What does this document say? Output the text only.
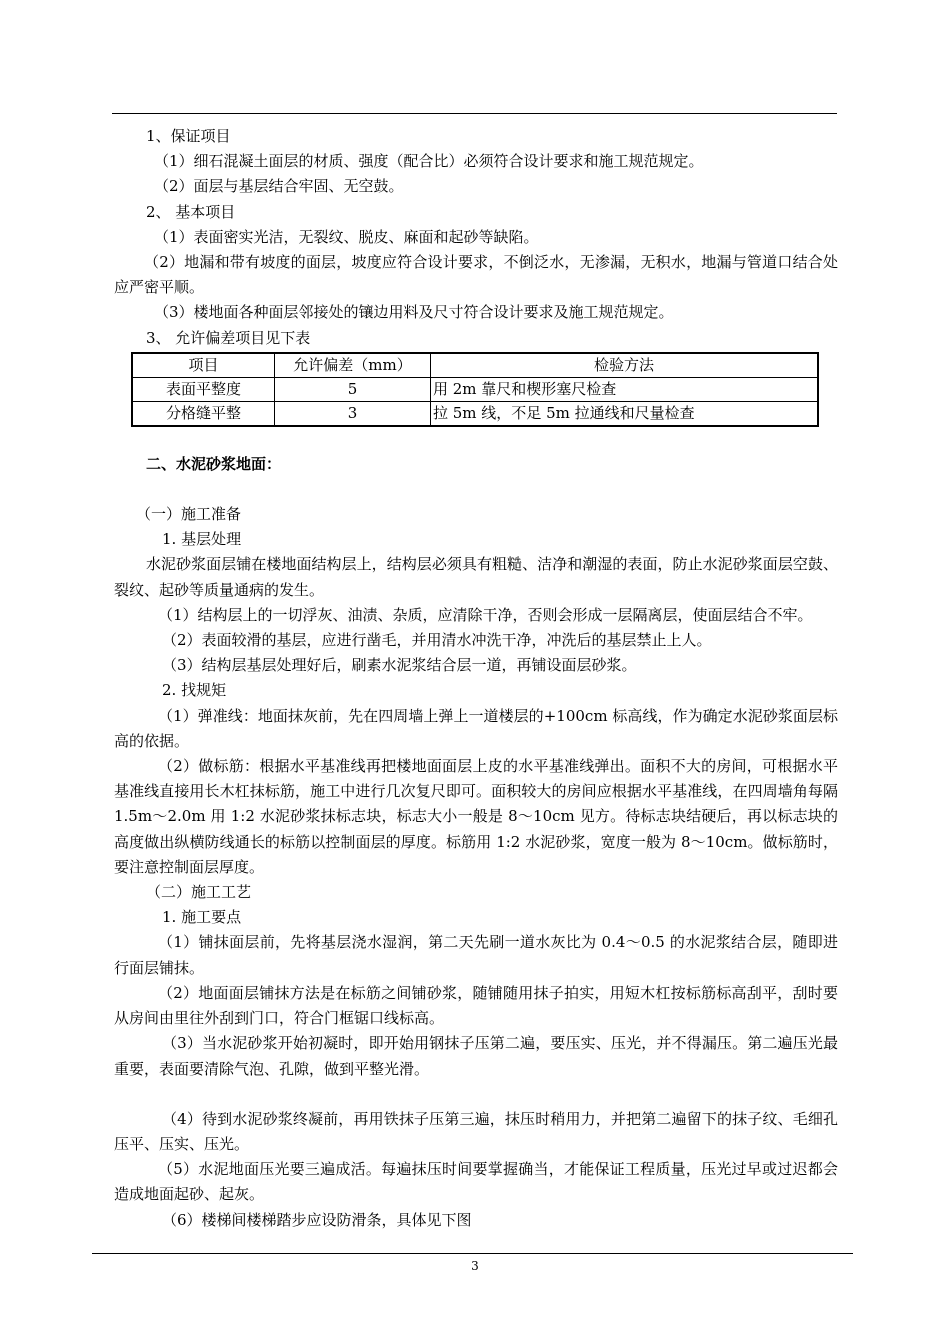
1、保证项目

（1）细石混凝土面层的材质、强度（配合比）必须符合设计要求和施工规范规定。

（2）面层与基层结合牢固、无空鼓。

2、 基本项目

（1）表面密实光洁，无裂纹、脱皮、麻面和起砂等缺陷。

（2）地漏和带有坡度的面层，坡度应符合设计要求，不倒泛水，无渗漏，无积水，地漏与管道口结合处应严密平顺。

（3）楼地面各种面层邻接处的镶边用料及尺寸符合设计要求及施工规范规定。

3、 允许偏差项目见下表

项目	允许偏差（mm）	检验方法
表面平整度	5	用 2m 靠尺和楔形塞尺检查
分格缝平整	3	拉 5m 线，不足 5m 拉通线和尺量检查

二、水泥砂浆地面：

（一）施工准备

1. 基层处理

水泥砂浆面层铺在楼地面结构层上，结构层必须具有粗糙、洁净和潮湿的表面，防止水泥砂浆面层空鼓、裂纹、起砂等质量通病的发生。

（1）结构层上的一切浮灰、油渍、杂质，应清除干净，否则会形成一层隔离层，使面层结合不牢。

（2）表面较滑的基层，应进行凿毛，并用清水冲洗干净，冲洗后的基层禁止上人。

（3）结构层基层处理好后，刷素水泥浆结合层一道，再铺设面层砂浆。

2. 找规矩

（1）弹准线：地面抹灰前，先在四周墙上弹上一道楼层的+100cm 标高线，作为确定水泥砂浆面层标高的依据。

（2）做标筋：根据水平基准线再把楼地面面层上皮的水平基准线弹出。面积不大的房间，可根据水平基准线直接用长木杠抹标筋，施工中进行几次复尺即可。面积较大的房间应根据水平基准线，在四周墙角每隔 1.5m～2.0m 用 1:2 水泥砂浆抹标志块，标志大小一般是 8～10cm 见方。待标志块结硬后，再以标志块的高度做出纵横防线通长的标筋以控制面层的厚度。标筋用 1:2 水泥砂浆，宽度一般为 8～10cm。做标筋时，要注意控制面层厚度。

（二）施工工艺

1. 施工要点

（1）铺抹面层前，先将基层浇水湿润，第二天先刷一道水灰比为 0.4～0.5 的水泥浆结合层，随即进行面层铺抹。

（2）地面面层铺抹方法是在标筋之间铺砂浆，随铺随用抹子拍实，用短木杠按标筋标高刮平，刮时要从房间由里往外刮到门口，符合门框锯口线标高。

（3）当水泥砂浆开始初凝时，即开始用钢抹子压第二遍，要压实、压光，并不得漏压。第二遍压光最重要，表面要清除气泡、孔隙，做到平整光滑。

（4）待到水泥砂浆终凝前，再用铁抹子压第三遍，抹压时稍用力，并把第二遍留下的抹子纹、毛细孔压平、压实、压光。

（5）水泥地面压光要三遍成活。每遍抹压时间要掌握确当，才能保证工程质量，压光过早或过迟都会造成地面起砂、起灰。

（6）楼梯间楼梯踏步应设防滑条，具体见下图

3
